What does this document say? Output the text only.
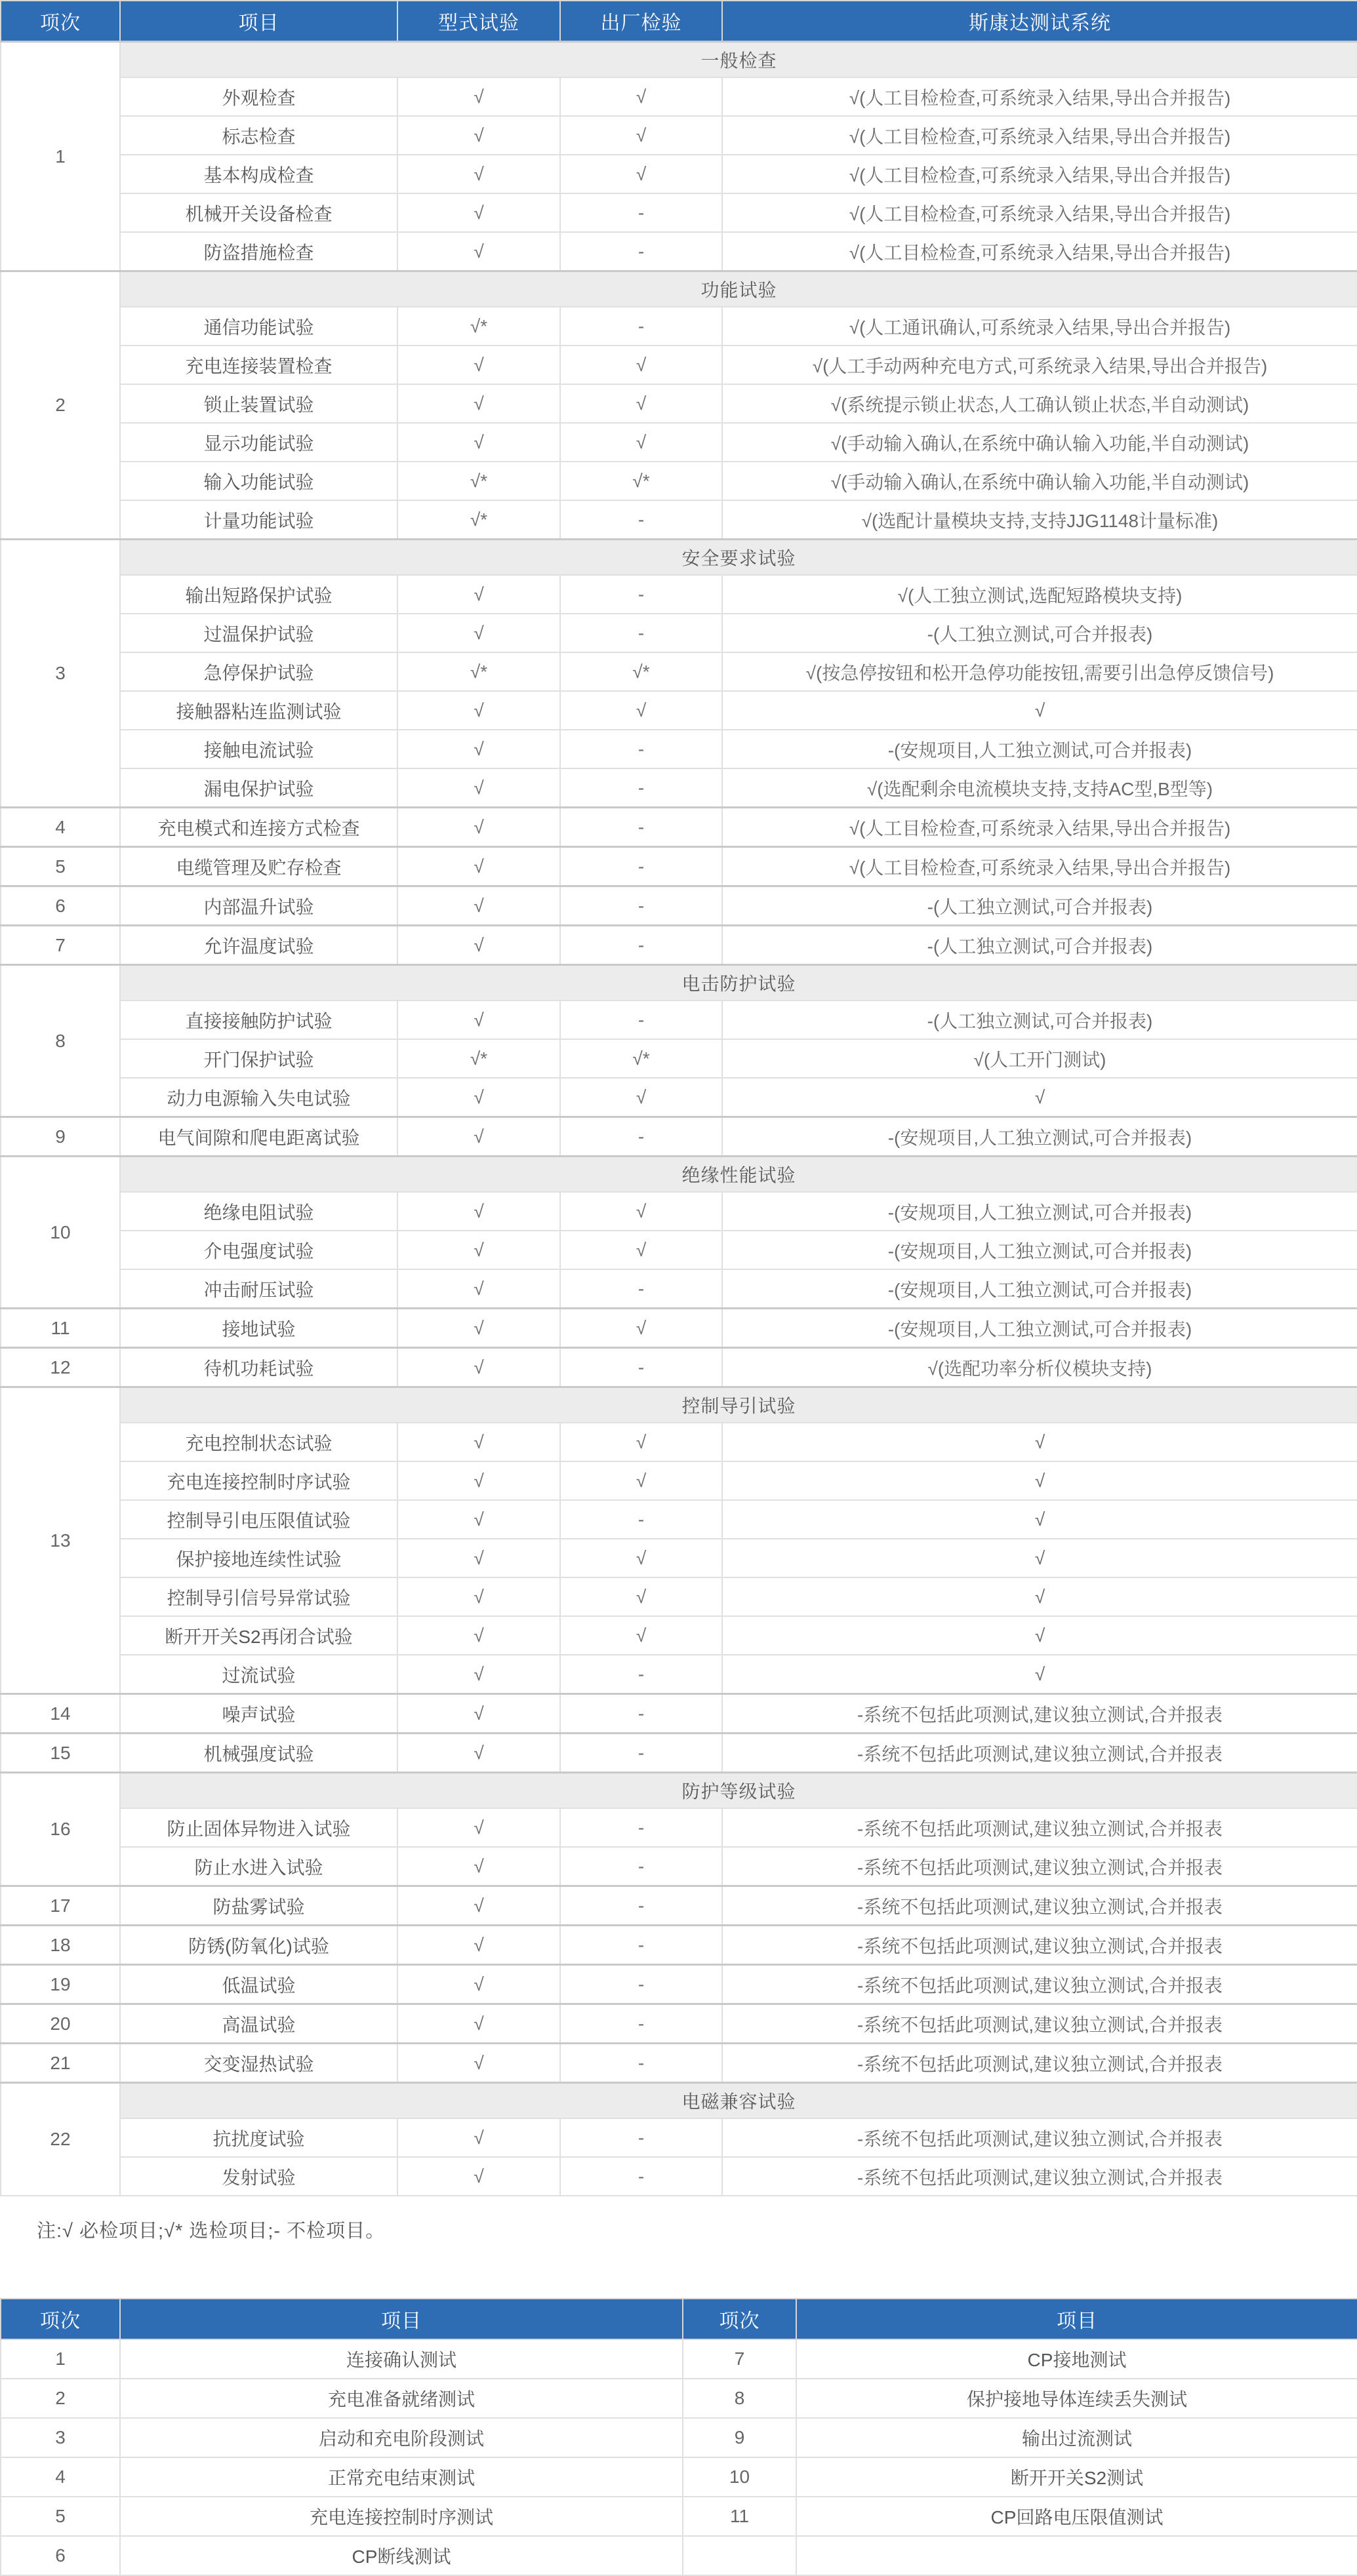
项次	项目	型式试验	出厂检验	斯康达测试系统
1	一般检查			
	外观检查	√	√	√(人工目检检查,可系统录入结果,导出合并报告)
	标志检查	√	√	√(人工目检检查,可系统录入结果,导出合并报告)
	基本构成检查	√	√	√(人工目检检查,可系统录入结果,导出合并报告)
	机械开关设备检查	√	-	√(人工目检检查,可系统录入结果,导出合并报告)
	防盗措施检查	√	-	√(人工目检检查,可系统录入结果,导出合并报告)
2	功能试验			
	通信功能试验	√*	-	√(人工通讯确认,可系统录入结果,导出合并报告)
	充电连接装置检查	√	√	√(人工手动两种充电方式,可系统录入结果,导出合并报告)
	锁止装置试验	√	√	√(系统提示锁止状态,人工确认锁止状态,半自动测试)
	显示功能试验	√	√	√(手动输入确认,在系统中确认输入功能,半自动测试)
	输入功能试验	√*	√*	√(手动输入确认,在系统中确认输入功能,半自动测试)
	计量功能试验	√*	-	√(选配计量模块支持,支持JJG1148计量标准)
3	安全要求试验			
	输出短路保护试验	√	-	√(人工独立测试,选配短路模块支持)
	过温保护试验	√	-	-(人工独立测试,可合并报表)
	急停保护试验	√*	√*	√(按急停按钮和松开急停功能按钮,需要引出急停反馈信号)
	接触器粘连监测试验	√	√	√
	接触电流试验	√	-	-(安规项目,人工独立测试,可合并报表)
	漏电保护试验	√	-	√(选配剩余电流模块支持,支持AC型,B型等)
4	充电模式和连接方式检查	√	-	√(人工目检检查,可系统录入结果,导出合并报告)
5	电缆管理及贮存检查	√	-	√(人工目检检查,可系统录入结果,导出合并报告)
6	内部温升试验	√	-	-(人工独立测试,可合并报表)
7	允许温度试验	√	-	-(人工独立测试,可合并报表)
8	电击防护试验			
	直接接触防护试验	√	-	-(人工独立测试,可合并报表)
	开门保护试验	√*	√*	√(人工开门测试)
	动力电源输入失电试验	√	√	√
9	电气间隙和爬电距离试验	√	-	-(安规项目,人工独立测试,可合并报表)
10	绝缘性能试验			
	绝缘电阻试验	√	√	-(安规项目,人工独立测试,可合并报表)
	介电强度试验	√	√	-(安规项目,人工独立测试,可合并报表)
	冲击耐压试验	√	-	-(安规项目,人工独立测试,可合并报表)
11	接地试验	√	√	-(安规项目,人工独立测试,可合并报表)
12	待机功耗试验	√	-	√(选配功率分析仪模块支持)
13	控制导引试验			
	充电控制状态试验	√	√	√
	充电连接控制时序试验	√	√	√
	控制导引电压限值试验	√	-	√
	保护接地连续性试验	√	√	√
	控制导引信号异常试验	√	√	√
	断开开关S2再闭合试验	√	√	√
	过流试验	√	-	√
14	噪声试验	√	-	-系统不包括此项测试,建议独立测试,合并报表
15	机械强度试验	√	-	-系统不包括此项测试,建议独立测试,合并报表
16	防护等级试验			
	防止固体异物进入试验	√	-	-系统不包括此项测试,建议独立测试,合并报表
	防止水进入试验	√	-	-系统不包括此项测试,建议独立测试,合并报表
17	防盐雾试验	√	-	-系统不包括此项测试,建议独立测试,合并报表
18	防锈(防氧化)试验	√	-	-系统不包括此项测试,建议独立测试,合并报表
19	低温试验	√	-	-系统不包括此项测试,建议独立测试,合并报表
20	高温试验	√	-	-系统不包括此项测试,建议独立测试,合并报表
21	交变湿热试验	√	-	-系统不包括此项测试,建议独立测试,合并报表
22	电磁兼容试验			
	抗扰度试验	√	-	-系统不包括此项测试,建议独立测试,合并报表
	发射试验	√	-	-系统不包括此项测试,建议独立测试,合并报表
注:√ 必检项目;√* 选检项目;- 不检项目。
项次	项目	项次	项目
1	连接确认测试	7	CP接地测试
2	充电准备就绪测试	8	保护接地导体连续丢失测试
3	启动和充电阶段测试	9	输出过流测试
4	正常充电结束测试	10	断开开关S2测试
5	充电连接控制时序测试	11	CP回路电压限值测试
6	CP断线测试		
